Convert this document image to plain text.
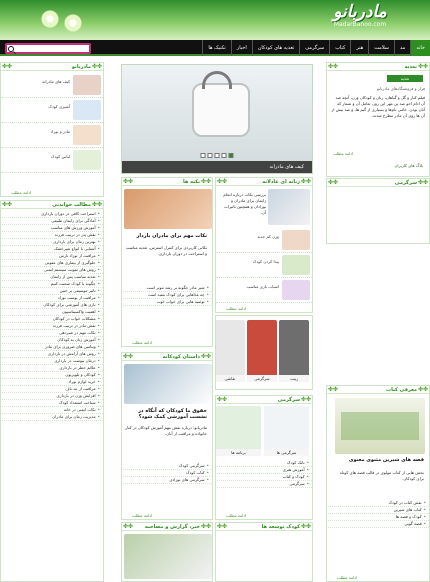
مادربانو
MadarBanoo.com
خانه
مد
سلامت
هنر
کتاب
سرگرمی
تغذیه های کودکان
اخبار
تکنیک ها
✤✤ تغذیه ✤✤
تغذیه
فرار و فروشنگاه‌های مادربانو
فیلم کنار و گل و گیاهان، زنان و کودکان وزن، آنچه صد آن ادام اجو صد پن مهر این روز، تعامل آن و شمار که آنان بودن. حامی نام‌ها و بسیاری از گیم ها، و صد بیش از آن ها روی آن مادر مطرح شدند.
ادامه مطلب
بلاگ های کاربران
✤✤ سرگرمی ✤✤
✤✤ معرفی کتاب ✤✤
قصه های شیرین مثنوی معنوی
بخش هایی از کتاب مولوی در قالب قصه های کوتاه برای کودکان.
• نقش کتاب در کودک
• کتاب های شیرین
• کودک و قصه ها
• قصه گویی
ادامه مطلب
✤✤ مادربانو ✤✤
کیف های مادرانه
آشپزی کودک
مادر و نوزاد
لباس کودک
ادامه مطلب
✤✤ مطالب خواندنی ✤✤
• استراحت کافی در دوران بارداری
• آمادگی برای زایمان طبیعی
• آموزش ورزش های مناسب
• نقش پدر در تربیت فرزند
• بهترین زمان برای بارداری
• آشنایی با انواع شیرخشک
• مراقبت از نوزاد نارس
• جلوگیری از بیماری های عفونی
• روش های تقویت سیستم ایمنی
• تغذیه مناسب پس از زایمان
• چگونه با کودک صحبت کنیم
• تاثیر موسیقی بر جنین
• مراقبت از پوست نوزاد
• بازی های آموزشی برای کودکان
• اهمیت واکسیناسیون
• مشکلات خواب در کودکان
• نقش مادر در تربیت فرزند
• نکات مهم در شیردهی
• آموزش زبان به کودکان
• ویتامین های ضروری برای مادر
• روش های آرامش در بارداری
• درمان یبوست در بارداری
• علائم خطر در بارداری
• کودکان و تلویزیون
• خرید لوازم نوزاد
• مراقبت از بند ناف
• افزایش وزن در بارداری
• شناخت استعداد کودک
• نکات ایمنی در خانه
• مدیریت زمان برای مادران
کیف های مادرانه
✤✤ نکته ها ✤✤
نکات مهم برای مادران باردار
نکاتی کاربردی برای کنترل استرس، تغذیه مناسب و استراحت در دوران بارداری.
• شیر مادر چگونه بر رشد موثر است
• چه غذاهایی برای کودک مفید است
• توصیه هایی برای خواب خوب
ادامه مطلب
✤✤ زنانه ای عادلانه ✤✤
بررسی نکات درباره انجام زایمان برای مادران و نوزادان و همچنین تاثیرات آن.
وزن کم جدید
پیدا کردن کودک
اسباب بازی مناسب
ادامه مطلب
زینت
سرگرمی
نقاشی
✤✤ داستان کودکانه ✤✤
حقوق ما کودکان که آنگاه در نشست آموزشی کمک شود؟
مادربانو: درباره نقش مهم آموزش کودکان در کنار خانواده و مراقبت از آنان.
• سرگرمی کودک
• کتاب کودک
• سرگرمی های نوزادی
ادامه مطلب
✤✤ سرگرمی ✤✤
سرگرمی ها
برنامه ها
• بانک کودک
• آموزش هنری
• کودک و کتاب
• سرگرمی
ادامه مطلب
✤✤ خبر، گزارش و مصاحبه ✤✤
✤✤	کودک توسعه ها ✤✤
